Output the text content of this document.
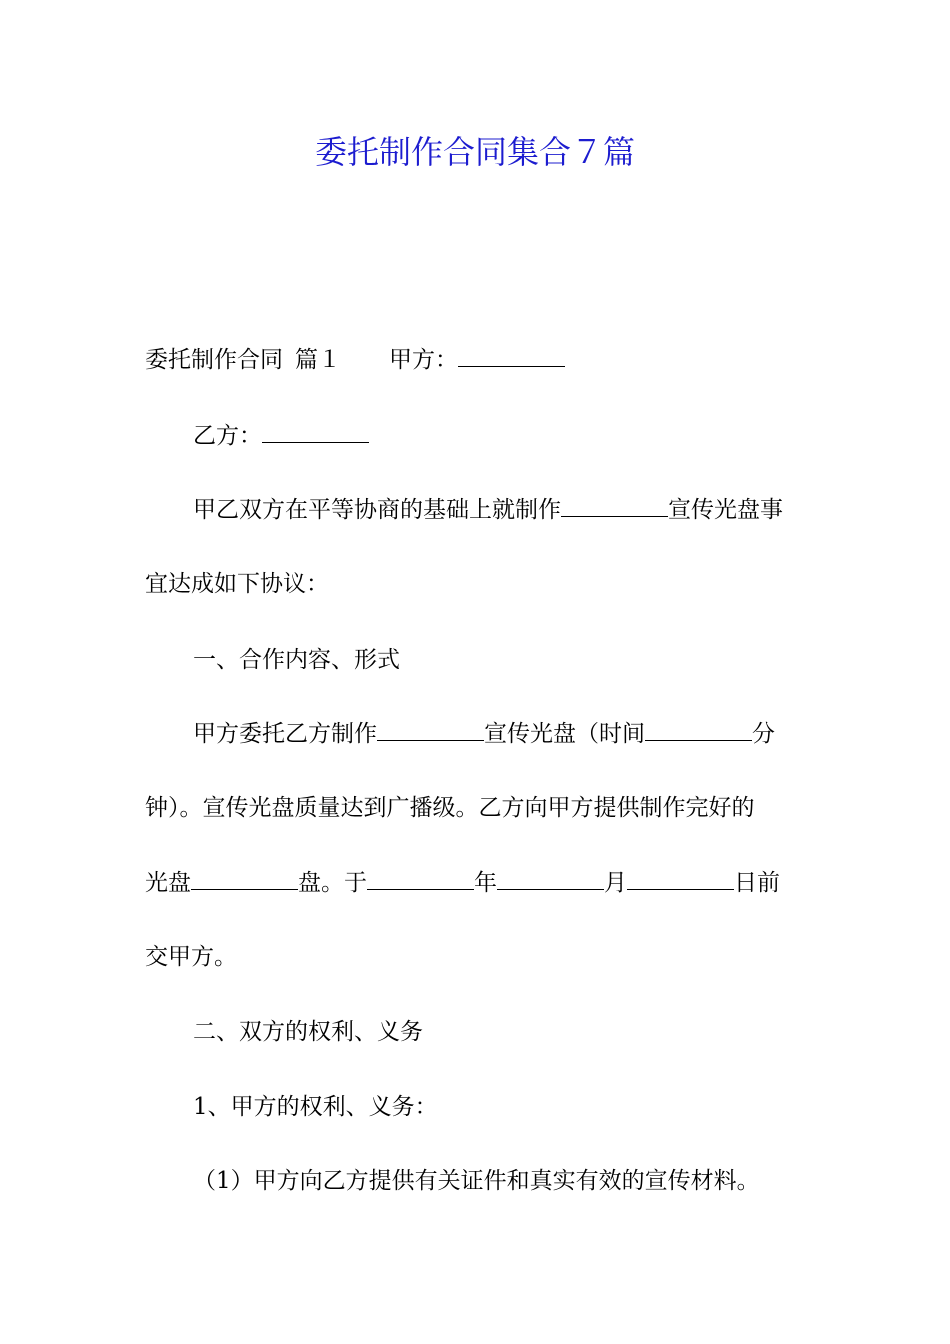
委托制作合同集合７篇
委托制作合同 篇１ 甲方：
乙方：
甲乙双方在平等协商的基础上就制作	宣传光盘事
宜达成如下协议：
一、合作内容、形式
甲方委托乙方制作	宣传光盘（时间	分
钟）。宣传光盘质量达到广播级。乙方向甲方提供制作完好的
光盘	盘。于	年	月	日前
交甲方。
二、双方的权利、义务
1、甲方的权利、义务：
（1）甲方向乙方提供有关证件和真实有效的宣传材料。
